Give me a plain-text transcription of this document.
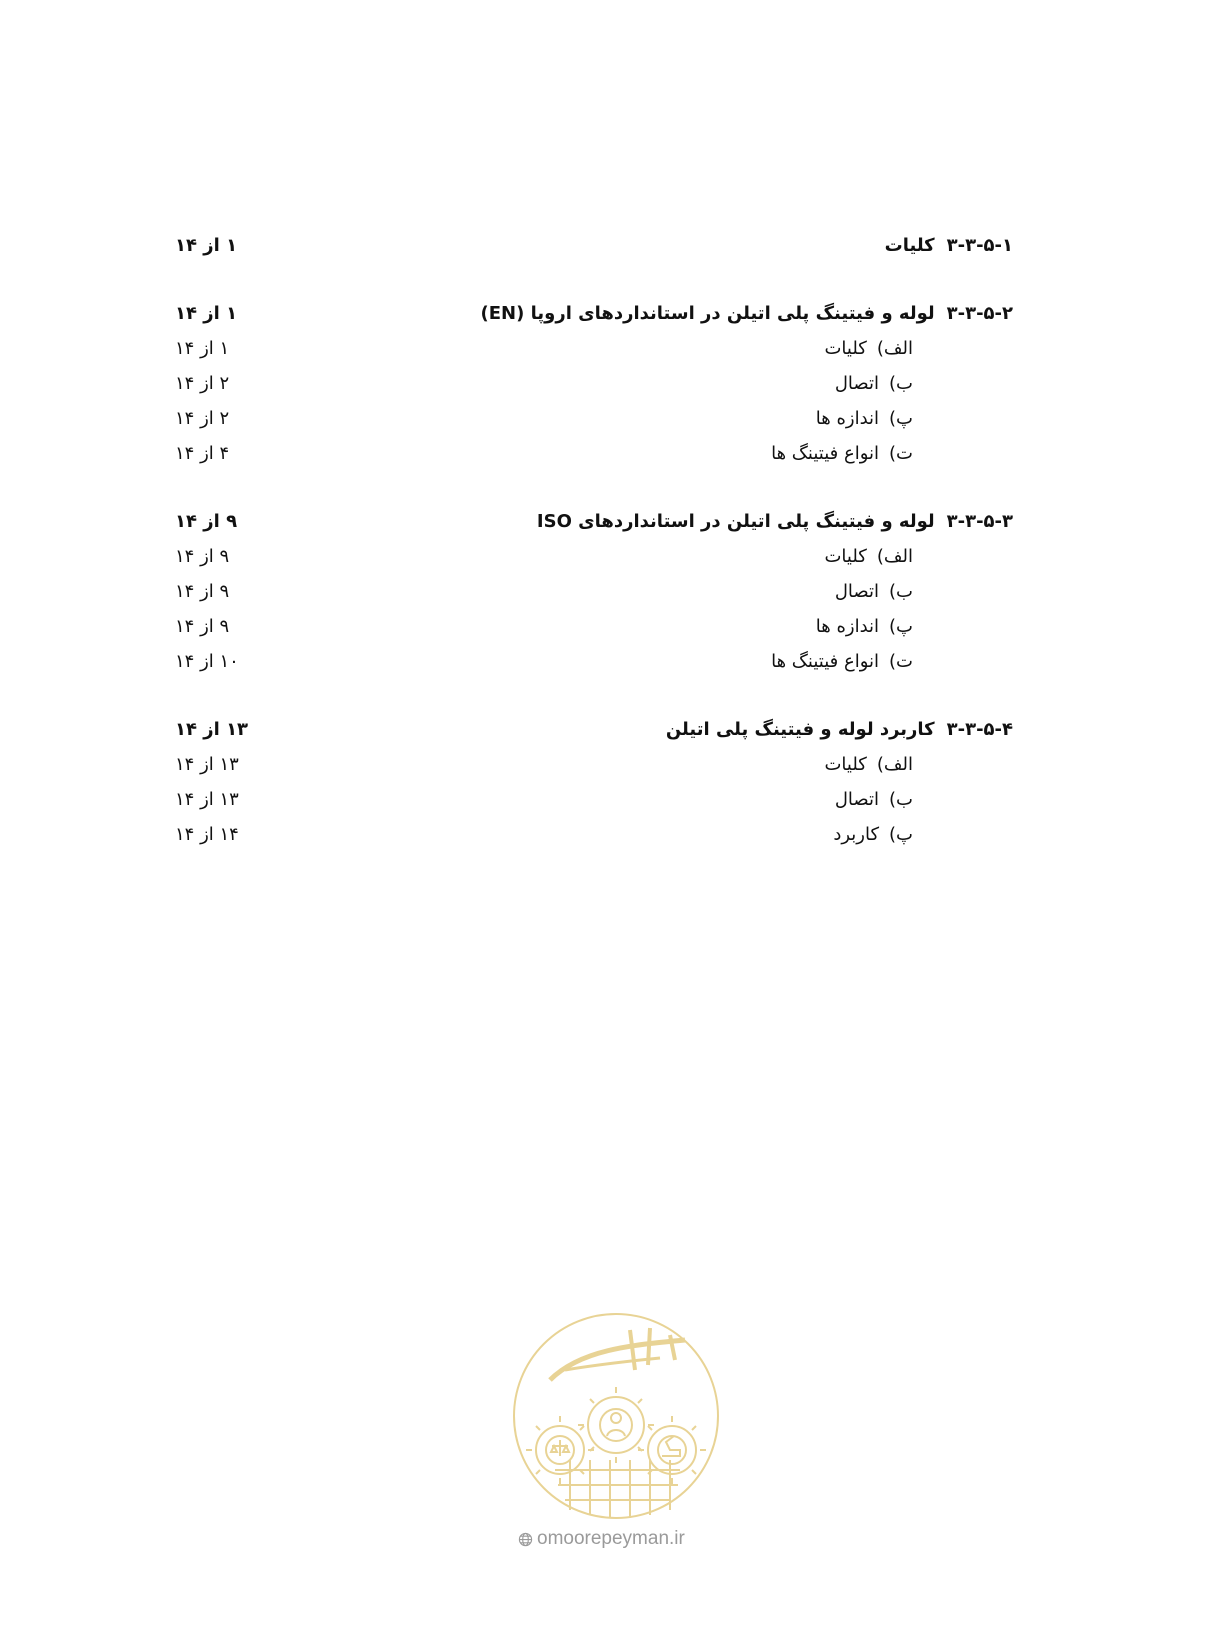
۳-۳-۵-۱
کلیات
۱ از ۱۴
۳-۳-۵-۲
لوله و فیتینگ پلی اتیلن در استانداردهای اروپا (EN)
۱ از ۱۴
الف)
کلیات
۱ از ۱۴
ب)
اتصال
۲ از ۱۴
پ)
اندازه ها
۲ از ۱۴
ت)
انواع فیتینگ ها
۴ از ۱۴
۳-۳-۵-۳
لوله و فیتینگ پلی اتیلن در استانداردهای ISO
۹ از ۱۴
الف)
کلیات
۹ از ۱۴
ب)
اتصال
۹ از ۱۴
پ)
اندازه ها
۹ از ۱۴
ت)
انواع فیتینگ ها
۱۰ از ۱۴
۳-۳-۵-۴
کاربرد لوله و فیتینگ پلی اتیلن
۱۳ از ۱۴
الف)
کلیات
۱۳ از ۱۴
ب)
اتصال
۱۳ از ۱۴
پ)
کاربرد
۱۴ از ۱۴
omoorepeyman.ir
